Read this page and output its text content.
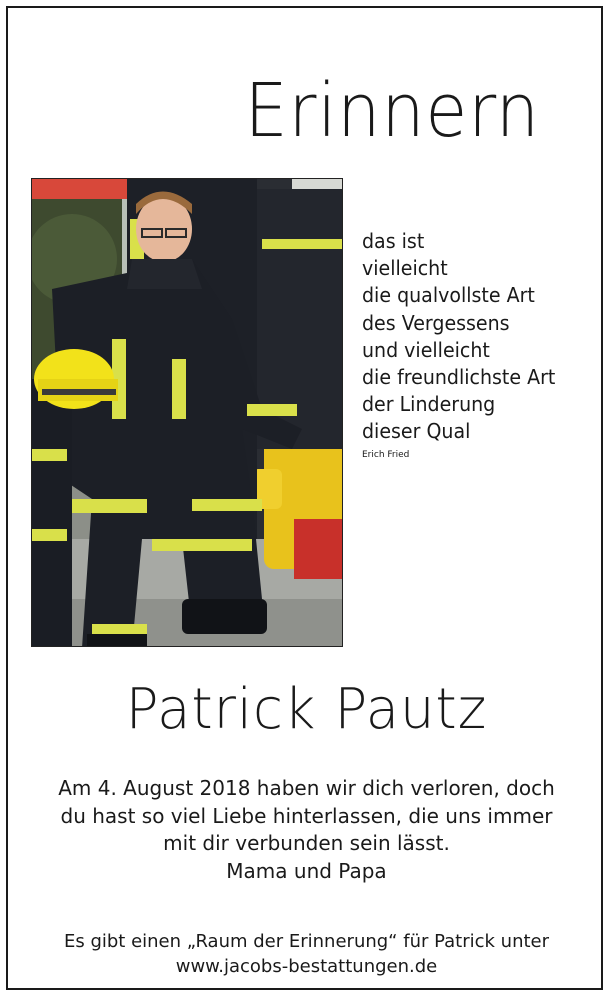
Erinnern
das ist
vielleicht
die qualvollste Art
des Vergessens
und vielleicht
die freundlichste Art
der Linderung
dieser Qual
Erich Fried
Patrick Pautz
Am 4. August 2018 haben wir dich verloren, doch
du hast so viel Liebe hinterlassen, die uns immer
mit dir verbunden sein lässt.
Mama und Papa
Es gibt einen „Raum der Erinnerung“ für Patrick unter
www.jacobs-bestattungen.de
